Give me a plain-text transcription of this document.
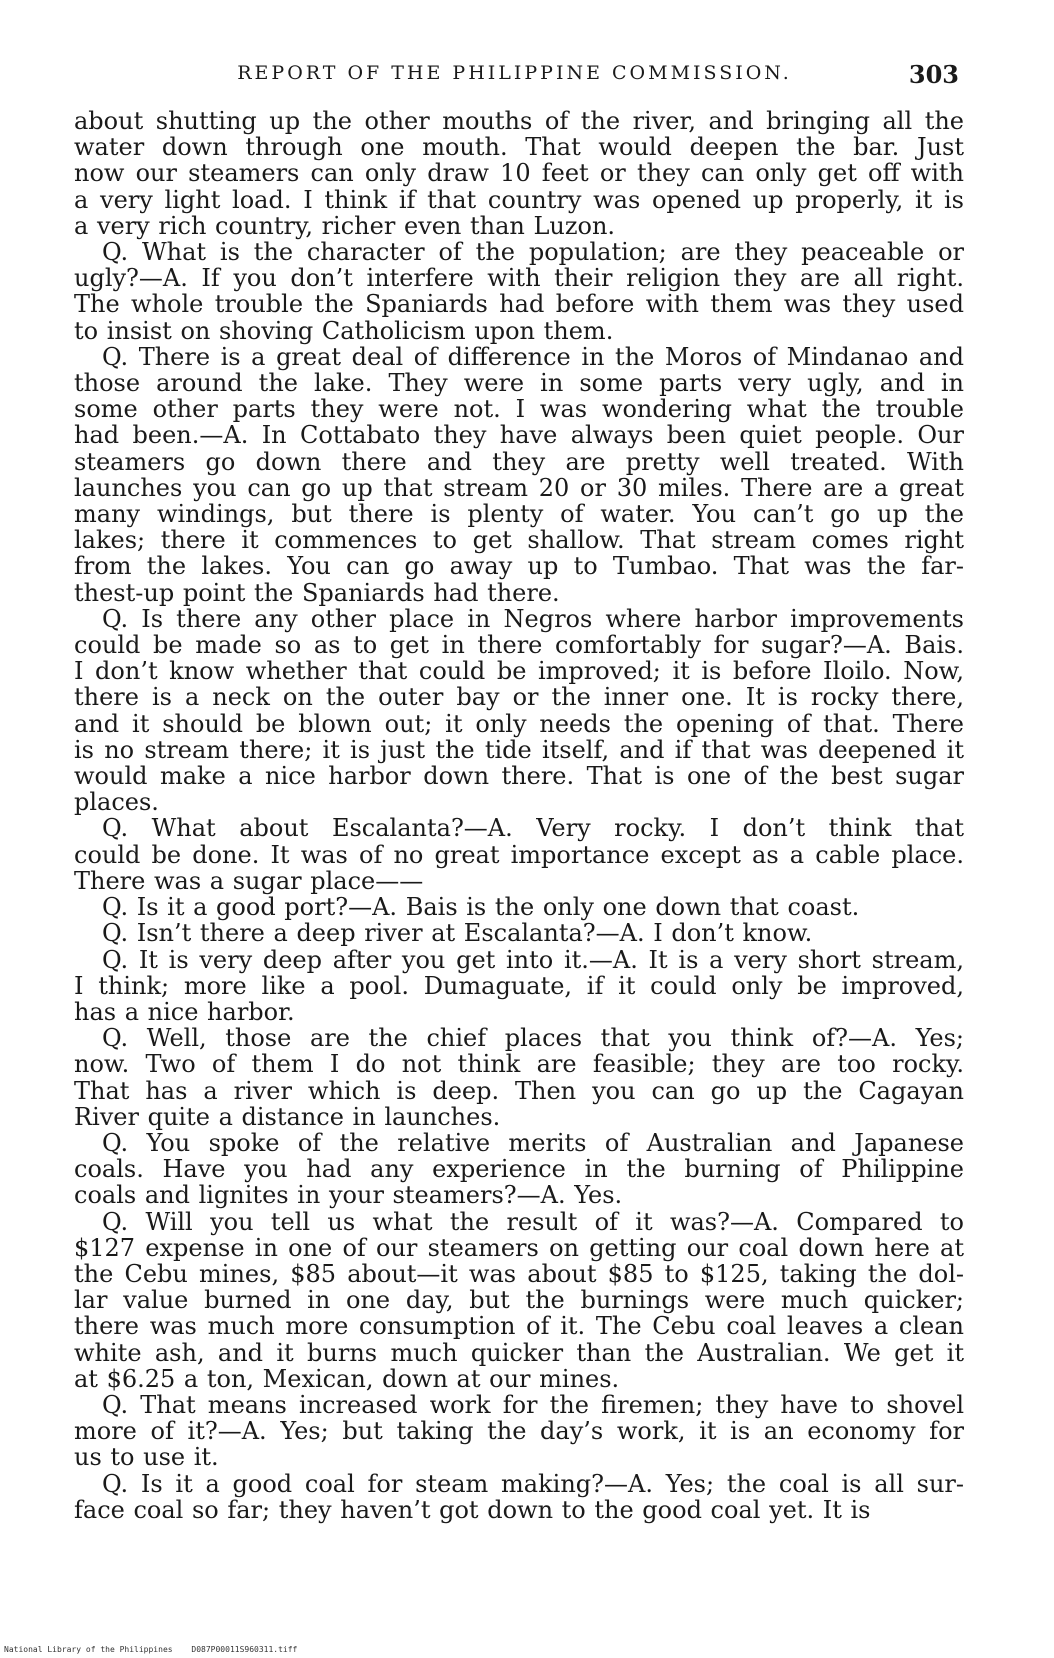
REPORT OF THE PHILIPPINE COMMISSION.	303

about shutting up the other mouths of the river, and bringing all the
water down through one mouth. That would deepen the bar. Just
now our steamers can only draw 10 feet or they can only get off with
a very light load. I think if that country was opened up properly, it is
a very rich country, richer even than Luzon.

Q. What is the character of the population; are they peaceable or
ugly?—A. If you don’t interfere with their religion they are all right.
The whole trouble the Spaniards had before with them was they used
to insist on shoving Catholicism upon them.

Q. There is a great deal of difference in the Moros of Mindanao and
those around the lake. They were in some parts very ugly, and in
some other parts they were not. I was wondering what the trouble
had been.—A. In Cottabato they have always been quiet people. Our
steamers go down there and they are pretty well treated. With
launches you can go up that stream 20 or 30 miles. There are a great
many windings, but there is plenty of water. You can’t go up the
lakes; there it commences to get shallow. That stream comes right
from the lakes. You can go away up to Tumbao. That was the far-
thest-up point the Spaniards had there.

Q. Is there any other place in Negros where harbor improvements
could be made so as to get in there comfortably for sugar?—A. Bais.
I don’t know whether that could be improved; it is before Iloilo. Now,
there is a neck on the outer bay or the inner one. It is rocky there,
and it should be blown out; it only needs the opening of that. There
is no stream there; it is just the tide itself, and if that was deepened it
would make a nice harbor down there. That is one of the best sugar
places.

Q. What about Escalanta?—A. Very rocky. I don’t think that
could be done. It was of no great importance except as a cable place.
There was a sugar place——

Q. Is it a good port?—A. Bais is the only one down that coast.

Q. Isn’t there a deep river at Escalanta?—A. I don’t know.

Q. It is very deep after you get into it.—A. It is a very short stream,
I think; more like a pool. Dumaguate, if it could only be improved,
has a nice harbor.

Q. Well, those are the chief places that you think of?—A. Yes;
now. Two of them I do not think are feasible; they are too rocky.
That has a river which is deep. Then you can go up the Cagayan
River quite a distance in launches.

Q. You spoke of the relative merits of Australian and Japanese
coals. Have you had any experience in the burning of Philippine
coals and lignites in your steamers?—A. Yes.

Q. Will you tell us what the result of it was?—A. Compared to
$127 expense in one of our steamers on getting our coal down here at
the Cebu mines, $85 about—it was about $85 to $125, taking the dol-
lar value burned in one day, but the burnings were much quicker;
there was much more consumption of it. The Cebu coal leaves a clean
white ash, and it burns much quicker than the Australian. We get it
at $6.25 a ton, Mexican, down at our mines.

Q. That means increased work for the firemen; they have to shovel
more of it?—A. Yes; but taking the day’s work, it is an economy for
us to use it.

Q. Is it a good coal for steam making?—A. Yes; the coal is all sur-
face coal so far; they haven’t got down to the good coal yet. It is

National Library of the Philippines D087P00011S960311.tiff
